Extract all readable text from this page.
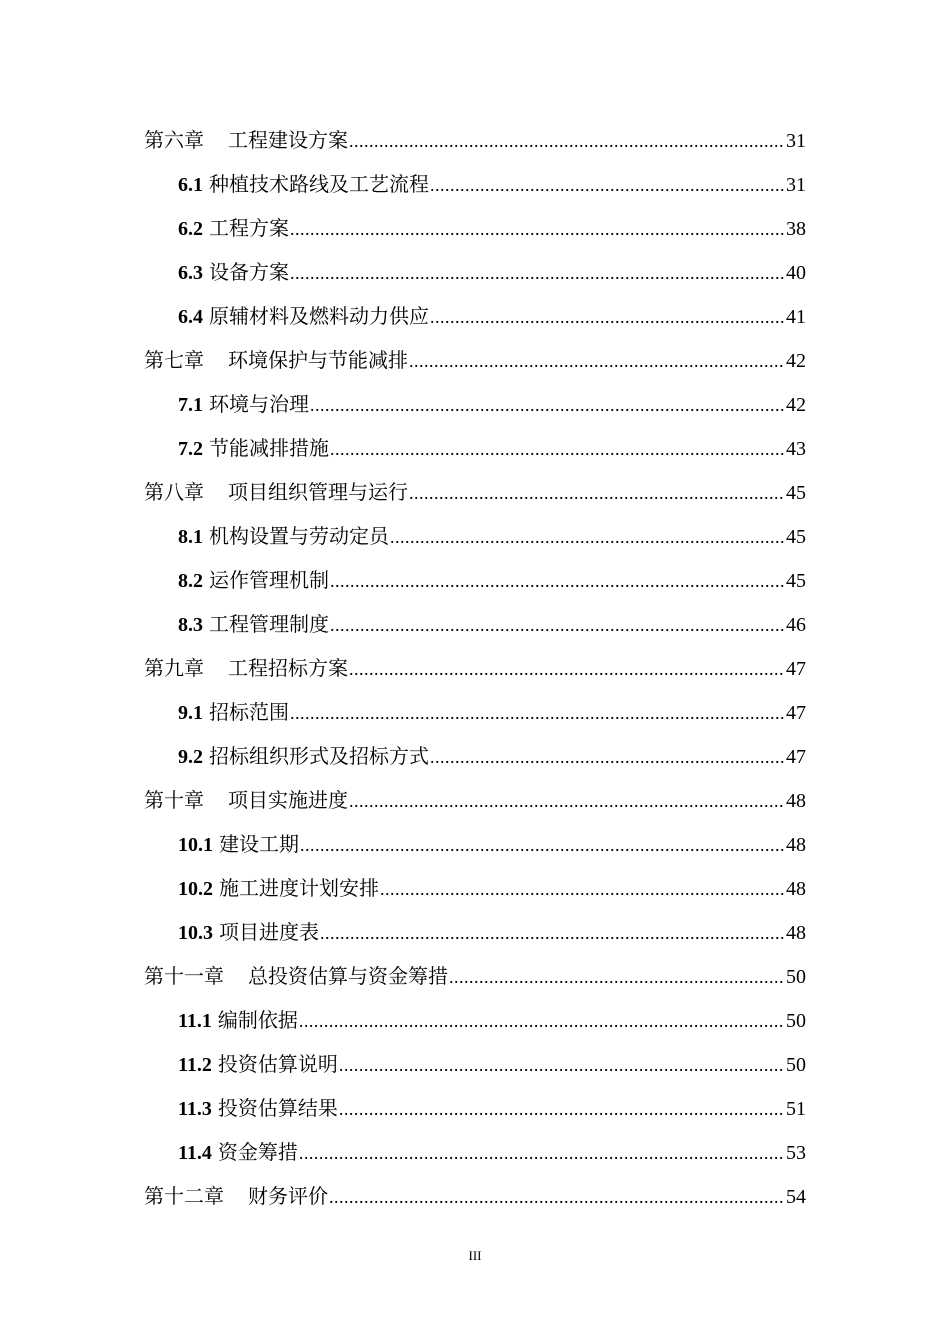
第六章 工程建设方案 .....	31
6.1 种植技术路线及工艺流程 .....	31
6.2 工程方案 .....	38
6.3 设备方案 .....	40
6.4 原辅材料及燃料动力供应 .....	41
第七章 环境保护与节能减排 .....	42
7.1 环境与治理 .....	42
7.2 节能减排措施 .....	43
第八章 项目组织管理与运行 .....	45
8.1 机构设置与劳动定员 .....	45
8.2 运作管理机制 .....	45
8.3 工程管理制度 .....	46
第九章 工程招标方案 .....	47
9.1 招标范围 .....	47
9.2 招标组织形式及招标方式 .....	47
第十章 项目实施进度 .....	48
10.1 建设工期 .....	48
10.2 施工进度计划安排 .....	48
10.3 项目进度表 .....	48
第十一章 总投资估算与资金筹措 .....	50
11.1 编制依据 .....	50
11.2 投资估算说明 .....	50
11.3 投资估算结果 .....	51
11.4 资金筹措 .....	53
第十二章 财务评价 .....	54
III
